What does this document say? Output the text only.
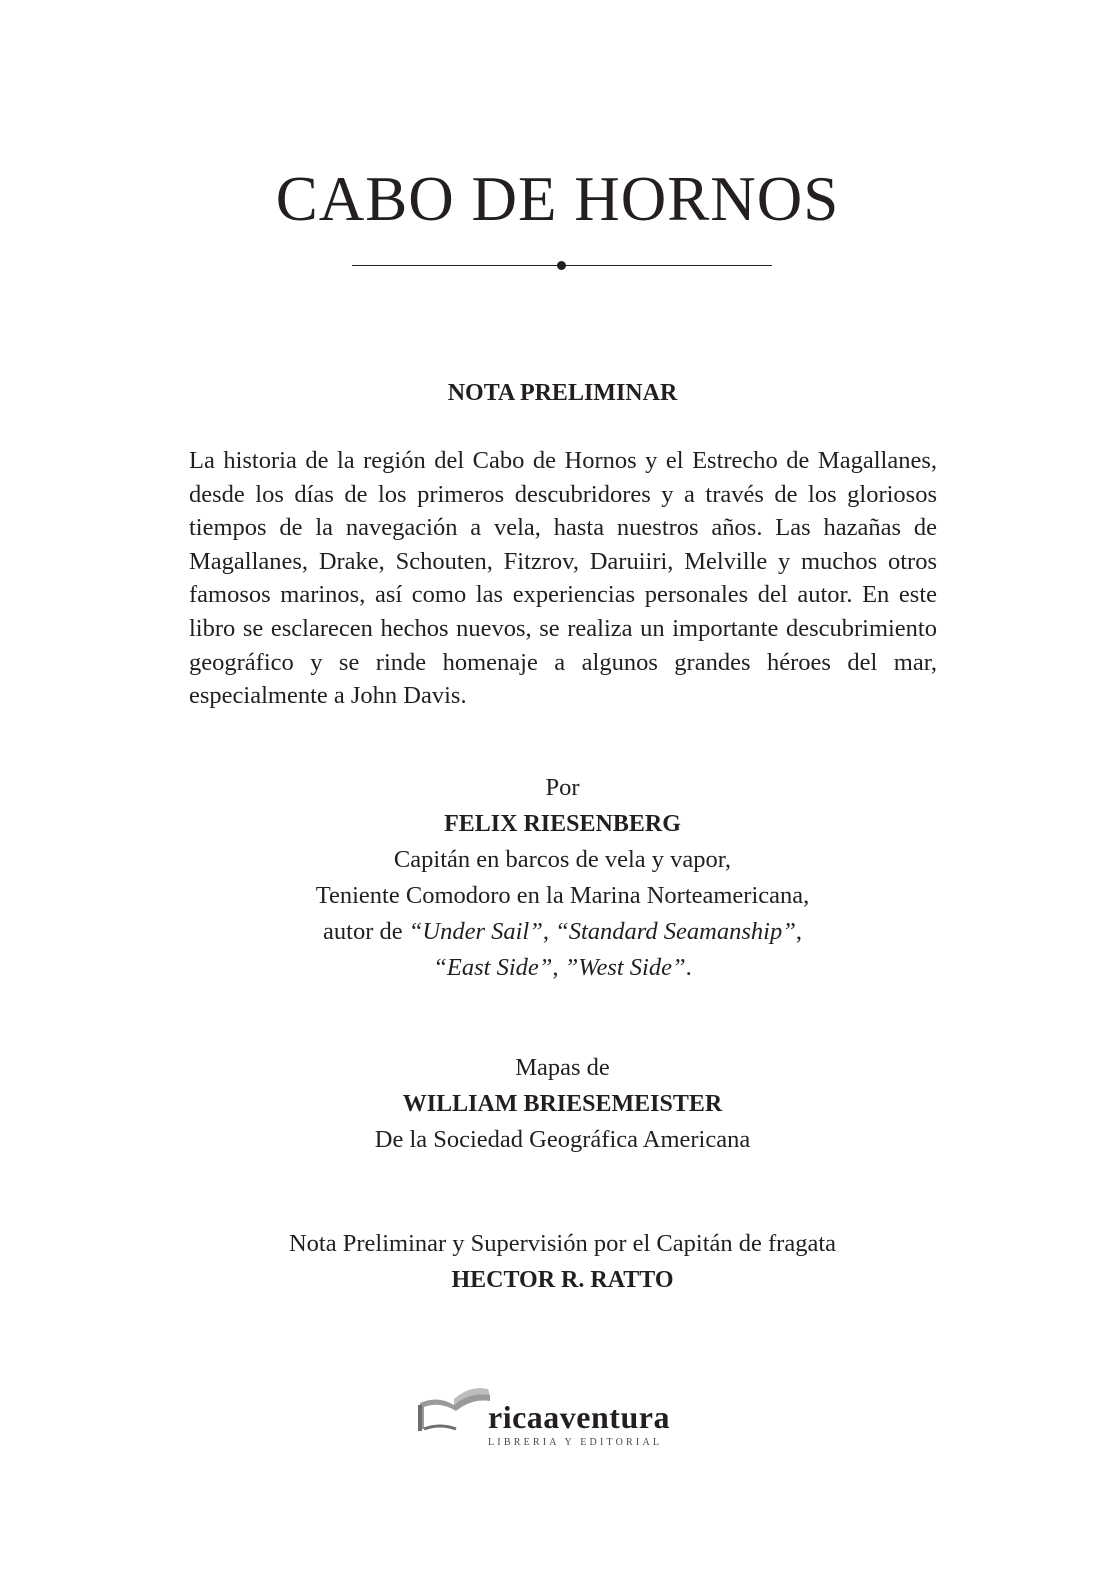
CABO DE HORNOS
NOTA PRELIMINAR

La historia de la región del Cabo de Hornos y el Estrecho de Magallanes, desde los días de los primeros descubridores y a través de los gloriosos tiempos de la navegación a vela, hasta nuestros años. Las hazañas de Magallanes, Drake, Schouten, Fitzrov, Daruiiri, Melville y muchos otros famosos marinos, así como las experiencias personales del autor. En este libro se esclarecen hechos nuevos, se realiza un importante descubrimiento geográfico y se rinde homenaje a algunos grandes héroes del mar, especialmente a John Davis.

Por
FELIX RIESENBERG
Capitán en barcos de vela y vapor,
Teniente Comodoro en la Marina Norteamericana,
autor de “Under Sail”, “Standard Seamanship”,
“East Side”, ”West Side”.
Mapas de
WILLIAM BRIESEMEISTER
De la Sociedad Geográfica Americana
Nota Preliminar y Supervisión por el Capitán de fragata
HECTOR R. RATTO
ricaaventura
LIBRERIA Y EDITORIAL
